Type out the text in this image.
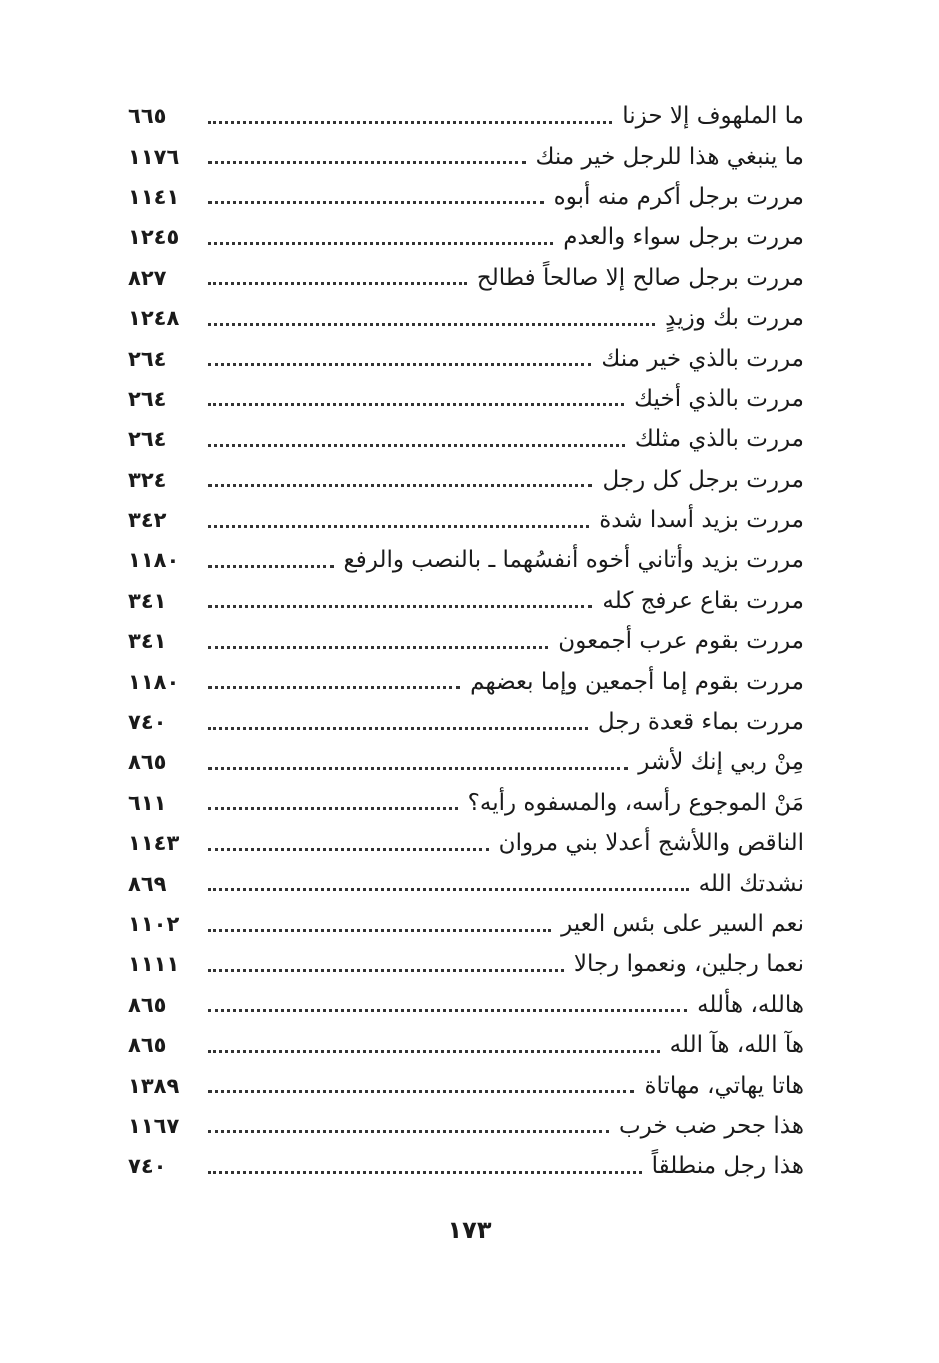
ما الملهوف إلا حزنا
٦٦٥
ما ينبغي هذا للرجل خير منك
١١٧٦
مررت برجل أكرم منه أبوه
١١٤١
مررت برجل سواء والعدم
١٢٤٥
مررت برجل صالح إلا صالحاً فطالح
٨٢٧
مررت بك وزيدٍ
١٢٤٨
مررت بالذي خير منك
٢٦٤
مررت بالذي أخيك
٢٦٤
مررت بالذي مثلك
٢٦٤
مررت برجل كل رجل
٣٢٤
مررت بزيد أسدا شدة
٣٤٢
مررت بزيد وأتاني أخوه أنفسُهما ـ بالنصب والرفع
١١٨٠
مررت بقاع عرفج كله
٣٤١
مررت بقوم عرب أجمعون
٣٤١
مررت بقوم إما أجمعين وإما بعضهم
١١٨٠
مررت بماء قعدة رجل
٧٤٠
مِنْ ربي إنك لأشر
٨٦٥
مَنْ الموجوع رأسه، والمسفوه رأيه؟
٦١١
الناقص واللأشج أعدلا بني مروان
١١٤٣
نشدتك الله
٨٦٩
نعم السير على بئس العير
١١٠٢
نعما رجلين، ونعموا رجالا
١١١١
هالله، هألله
٨٦٥
هآ الله، هآ الله
٨٦٥
هاتا يهاتي، مهاتاة
١٣٨٩
هذا جحر ضب خرب
١١٦٧
هذا رجل منطلقاً
٧٤٠
١٧٣
